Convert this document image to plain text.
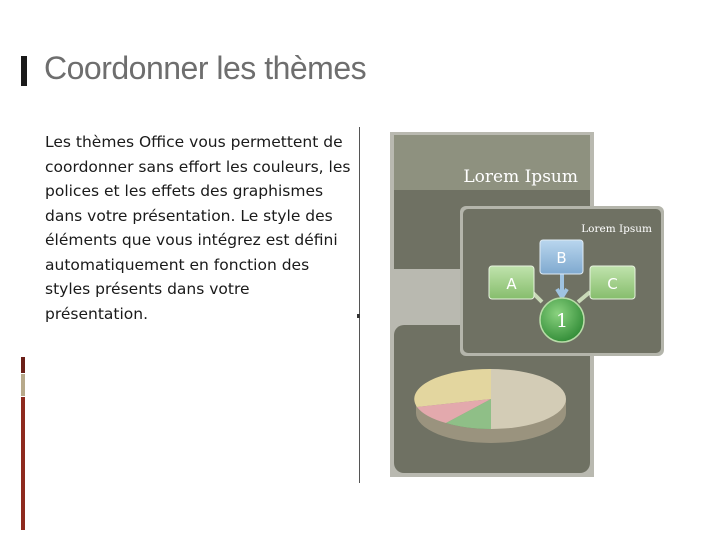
Coordonner les thèmes
Les thèmes Office vous permettent de coordonner sans effort les couleurs, les polices et les effets des graphismes dans votre présentation. Le style des éléments que vous intégrez est défini automatiquement en fonction des styles présents dans votre présentation.
Lorem Ipsum
Lorem Ipsum
B
A	C
1
